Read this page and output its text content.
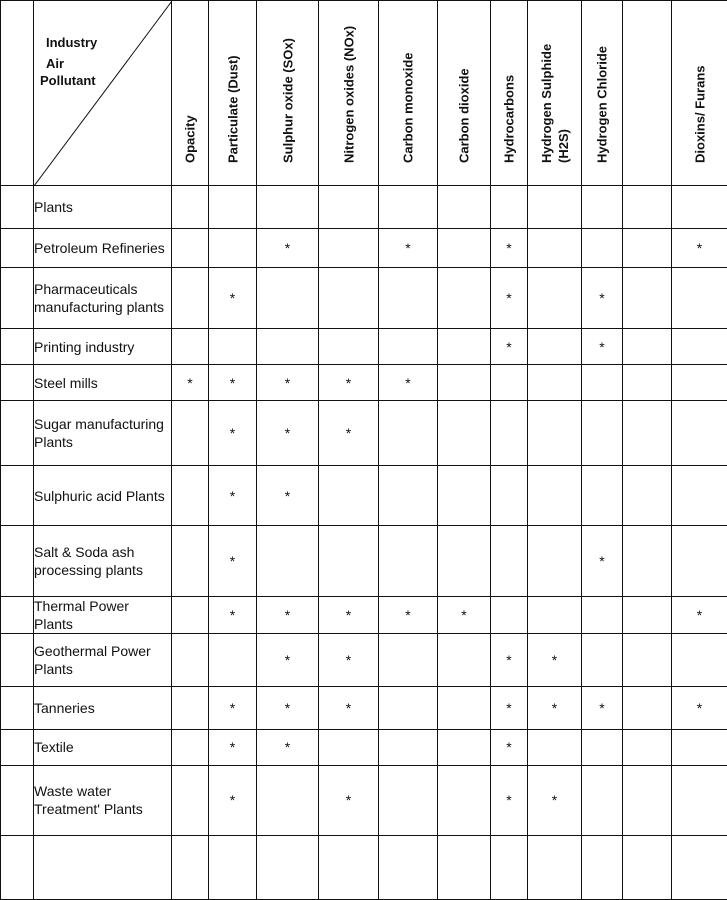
	Industry
Air
Pollutant	Opacity	Particulate (Dust)	Sulphur oxide (SOx)	Nitrogen oxides (NOx)	Carbon monoxide	Carbon dioxide	Hydrocarbons	Hydrogen Sulphide (H2S)	Hydrogen Chloride		Dioxins/ Furans

	Plants											
	Petroleum Refineries			*		*		*				*
	Pharmaceuticals manufacturing plants		*					*		*		
	Printing industry							*		*		
	Steel mills	*	*	*	*	*						
	Sugar manufacturing Plants		*	*	*							
	Sulphuric acid Plants		*	*								
	Salt & Soda ash processing plants		*							*		
	Thermal Power Plants		*	*	*	*	*					*
	Geothermal Power Plants			*	*			*	*			
	Tanneries		*	*	*			*	*	*		*
	Textile		*	*				*				
	Waste water Treatment' Plants		*		*			*	*			
